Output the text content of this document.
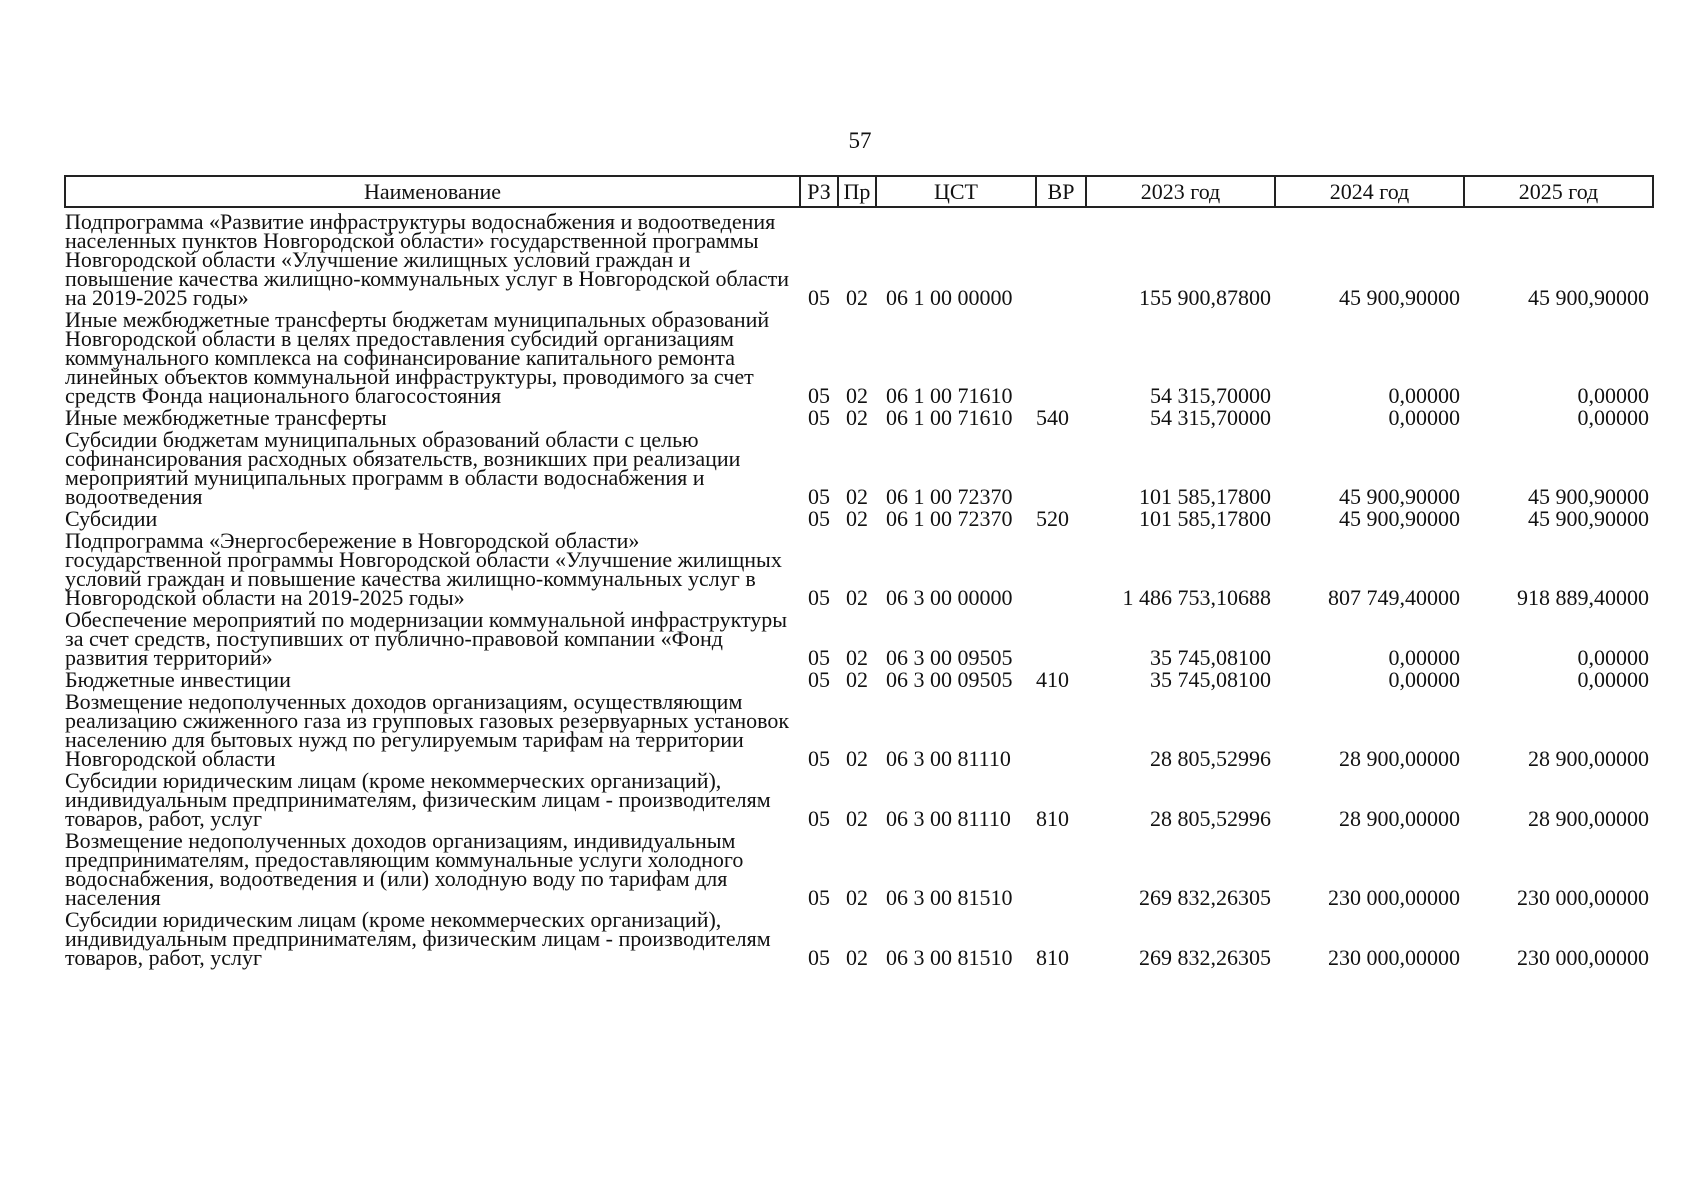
57
Наименование	РЗ	Пр	ЦСТ	ВР	2023 год	2024 год	2025 год
Подпрограмма «Развитие инфраструктуры водоснабжения и водоотведения населенных пунктов Новгородской области» государственной программы Новгородской области «Улучшение жилищных условий граждан и повышение качества жилищно-коммунальных услуг в Новгородской области на 2019-2025 годы»	05	02	06 1 00 00000		155 900,87800	45 900,90000	45 900,90000
Иные межбюджетные трансферты бюджетам муниципальных образований Новгородской области в целях предоставления субсидий организациям коммунального комплекса на софинансирование капитального ремонта линейных объектов коммунальной инфраструктуры, проводимого за счет средств Фонда национального благосостояния	05	02	06 1 00 71610		54 315,70000	0,00000	0,00000
Иные межбюджетные трансферты	05	02	06 1 00 71610	540	54 315,70000	0,00000	0,00000
Субсидии бюджетам муниципальных образований области с целью софинансирования расходных обязательств, возникших при реализации мероприятий муниципальных программ в области водоснабжения и водоотведения	05	02	06 1 00 72370		101 585,17800	45 900,90000	45 900,90000
Субсидии	05	02	06 1 00 72370	520	101 585,17800	45 900,90000	45 900,90000
Подпрограмма «Энергосбережение в Новгородской области» государственной программы Новгородской области «Улучшение жилищных условий граждан и повышение качества жилищно-коммунальных услуг в Новгородской области на 2019-2025 годы»	05	02	06 3 00 00000		1 486 753,10688	807 749,40000	918 889,40000
Обеспечение мероприятий по модернизации коммунальной инфраструктуры за счет средств, поступивших от публично-правовой компании «Фонд развития территорий»	05	02	06 3 00 09505		35 745,08100	0,00000	0,00000
Бюджетные инвестиции	05	02	06 3 00 09505	410	35 745,08100	0,00000	0,00000
Возмещение недополученных доходов организациям, осуществляющим реализацию сжиженного газа из групповых газовых резервуарных установок населению для бытовых нужд по регулируемым тарифам на территории Новгородской области	05	02	06 3 00 81110		28 805,52996	28 900,00000	28 900,00000
Субсидии юридическим лицам (кроме некоммерческих организаций), индивидуальным предпринимателям, физическим лицам - производителям товаров, работ, услуг	05	02	06 3 00 81110	810	28 805,52996	28 900,00000	28 900,00000
Возмещение недополученных доходов организациям, индивидуальным предпринимателям, предоставляющим коммунальные услуги холодного водоснабжения, водоотведения и (или) холодную воду по тарифам для населения	05	02	06 3 00 81510		269 832,26305	230 000,00000	230 000,00000
Субсидии юридическим лицам (кроме некоммерческих организаций), индивидуальным предпринимателям, физическим лицам - производителям товаров, работ, услуг	05	02	06 3 00 81510	810	269 832,26305	230 000,00000	230 000,00000
